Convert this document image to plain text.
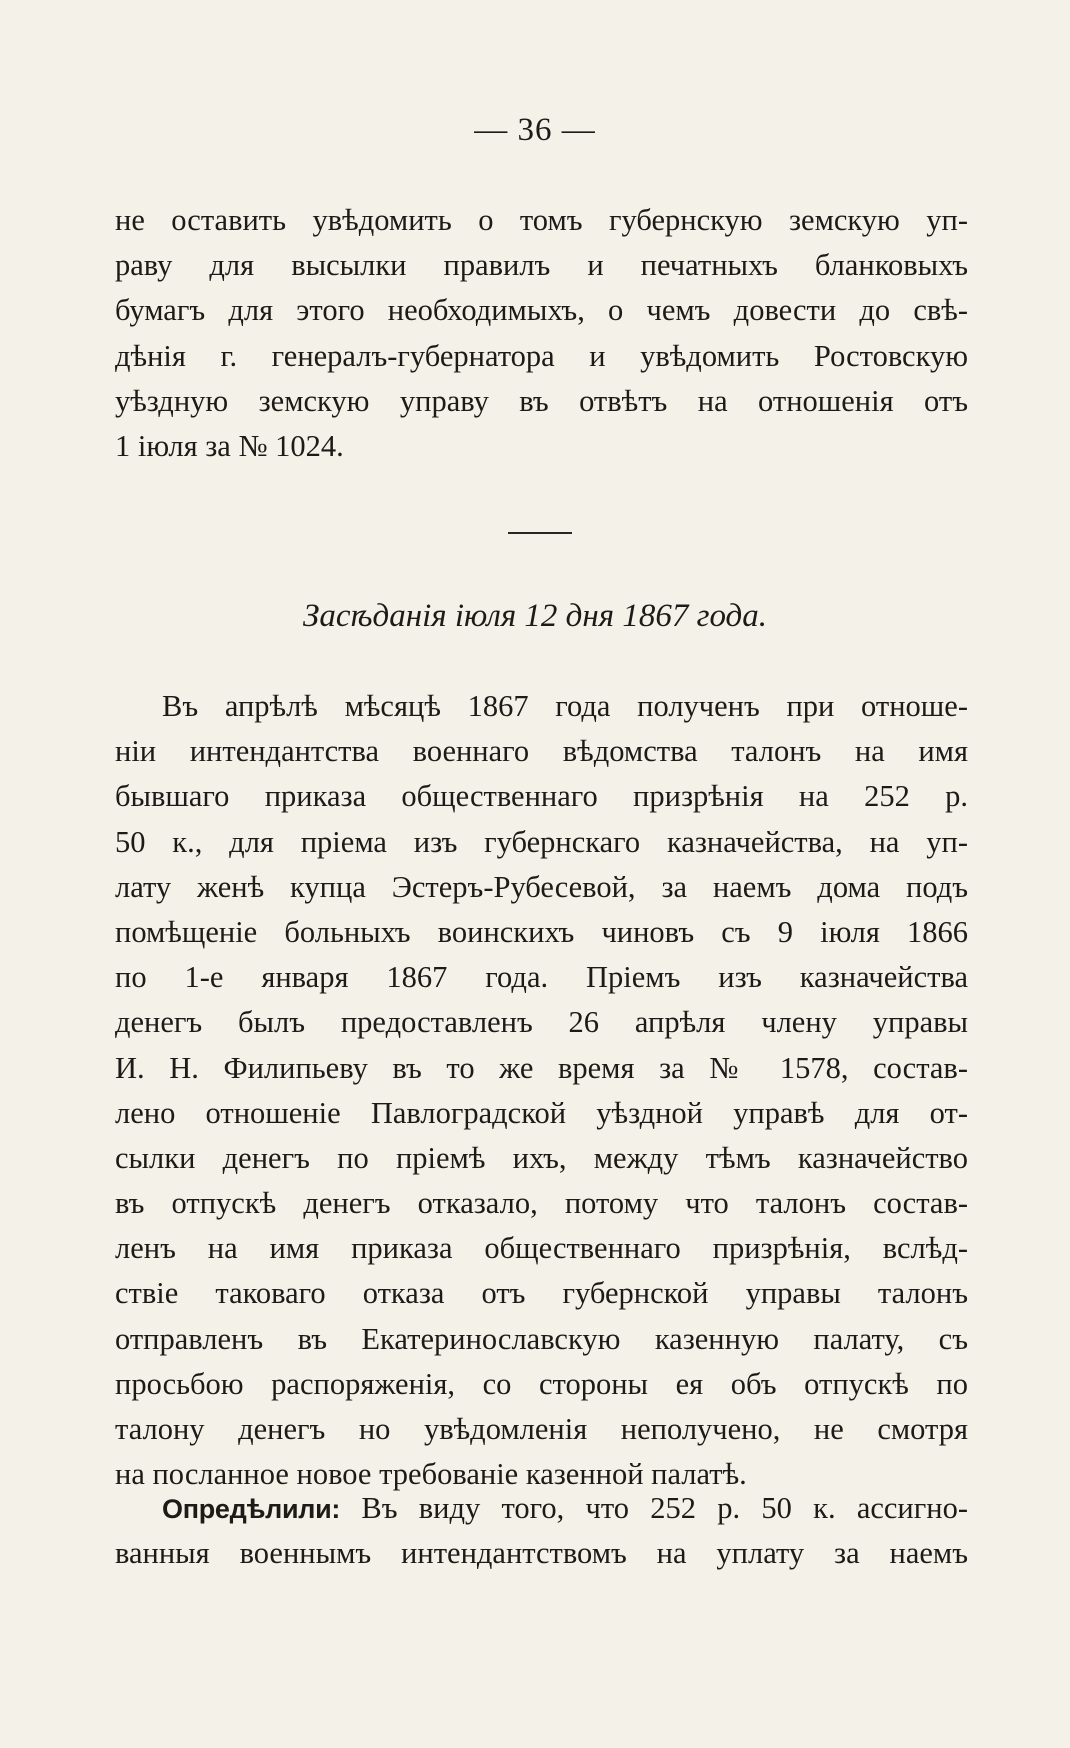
— 36 —
не оставить увѣдомить о томъ губернскую земскую уп-
раву для высылки правилъ и печатныхъ бланковыхъ
бумагъ для этого необходимыхъ, о чемъ довести до свѣ-
дѣнія г. генералъ-губернатора и увѣдомить Ростовскую
уѣздную земскую управу въ отвѣтъ на отношенія отъ
1 іюля за № 1024.
Засѣданія іюля 12 дня 1867 года.
Въ апрѣлѣ мѣсяцѣ 1867 года полученъ при отноше-
ніи интендантства военнаго вѣдомства талонъ на имя
бывшаго приказа общественнаго призрѣнія на 252 р.
50 к., для пріема изъ губернскаго казначейства, на уп-
лату женѣ купца Эстеръ-Рубесевой, за наемъ дома подъ
помѣщеніе больныхъ воинскихъ чиновъ съ 9 іюля 1866
по 1-е января 1867 года. Пріемъ изъ казначейства
денегъ былъ предоставленъ 26 апрѣля члену управы
И. Н. Филипьеву въ то же время за № 1578, состав-
лено отношеніе Павлоградской уѣздной управѣ для от-
сылки денегъ по пріемѣ ихъ, между тѣмъ казначейство
въ отпускѣ денегъ отказало, потому что талонъ состав-
ленъ на имя приказа общественнаго призрѣнія, вслѣд-
ствіе таковаго отказа отъ губернской управы талонъ
отправленъ въ Екатеринославскую казенную палату, съ
просьбою распоряженія, со стороны ея объ отпускѣ по
талону денегъ но увѣдомленія неполучено, не смотря
на посланное новое требованіе казенной палатѣ.
Опредѣлили: Въ виду того, что 252 р. 50 к. ассигно-
ванныя военнымъ интендантствомъ на уплату за наемъ
